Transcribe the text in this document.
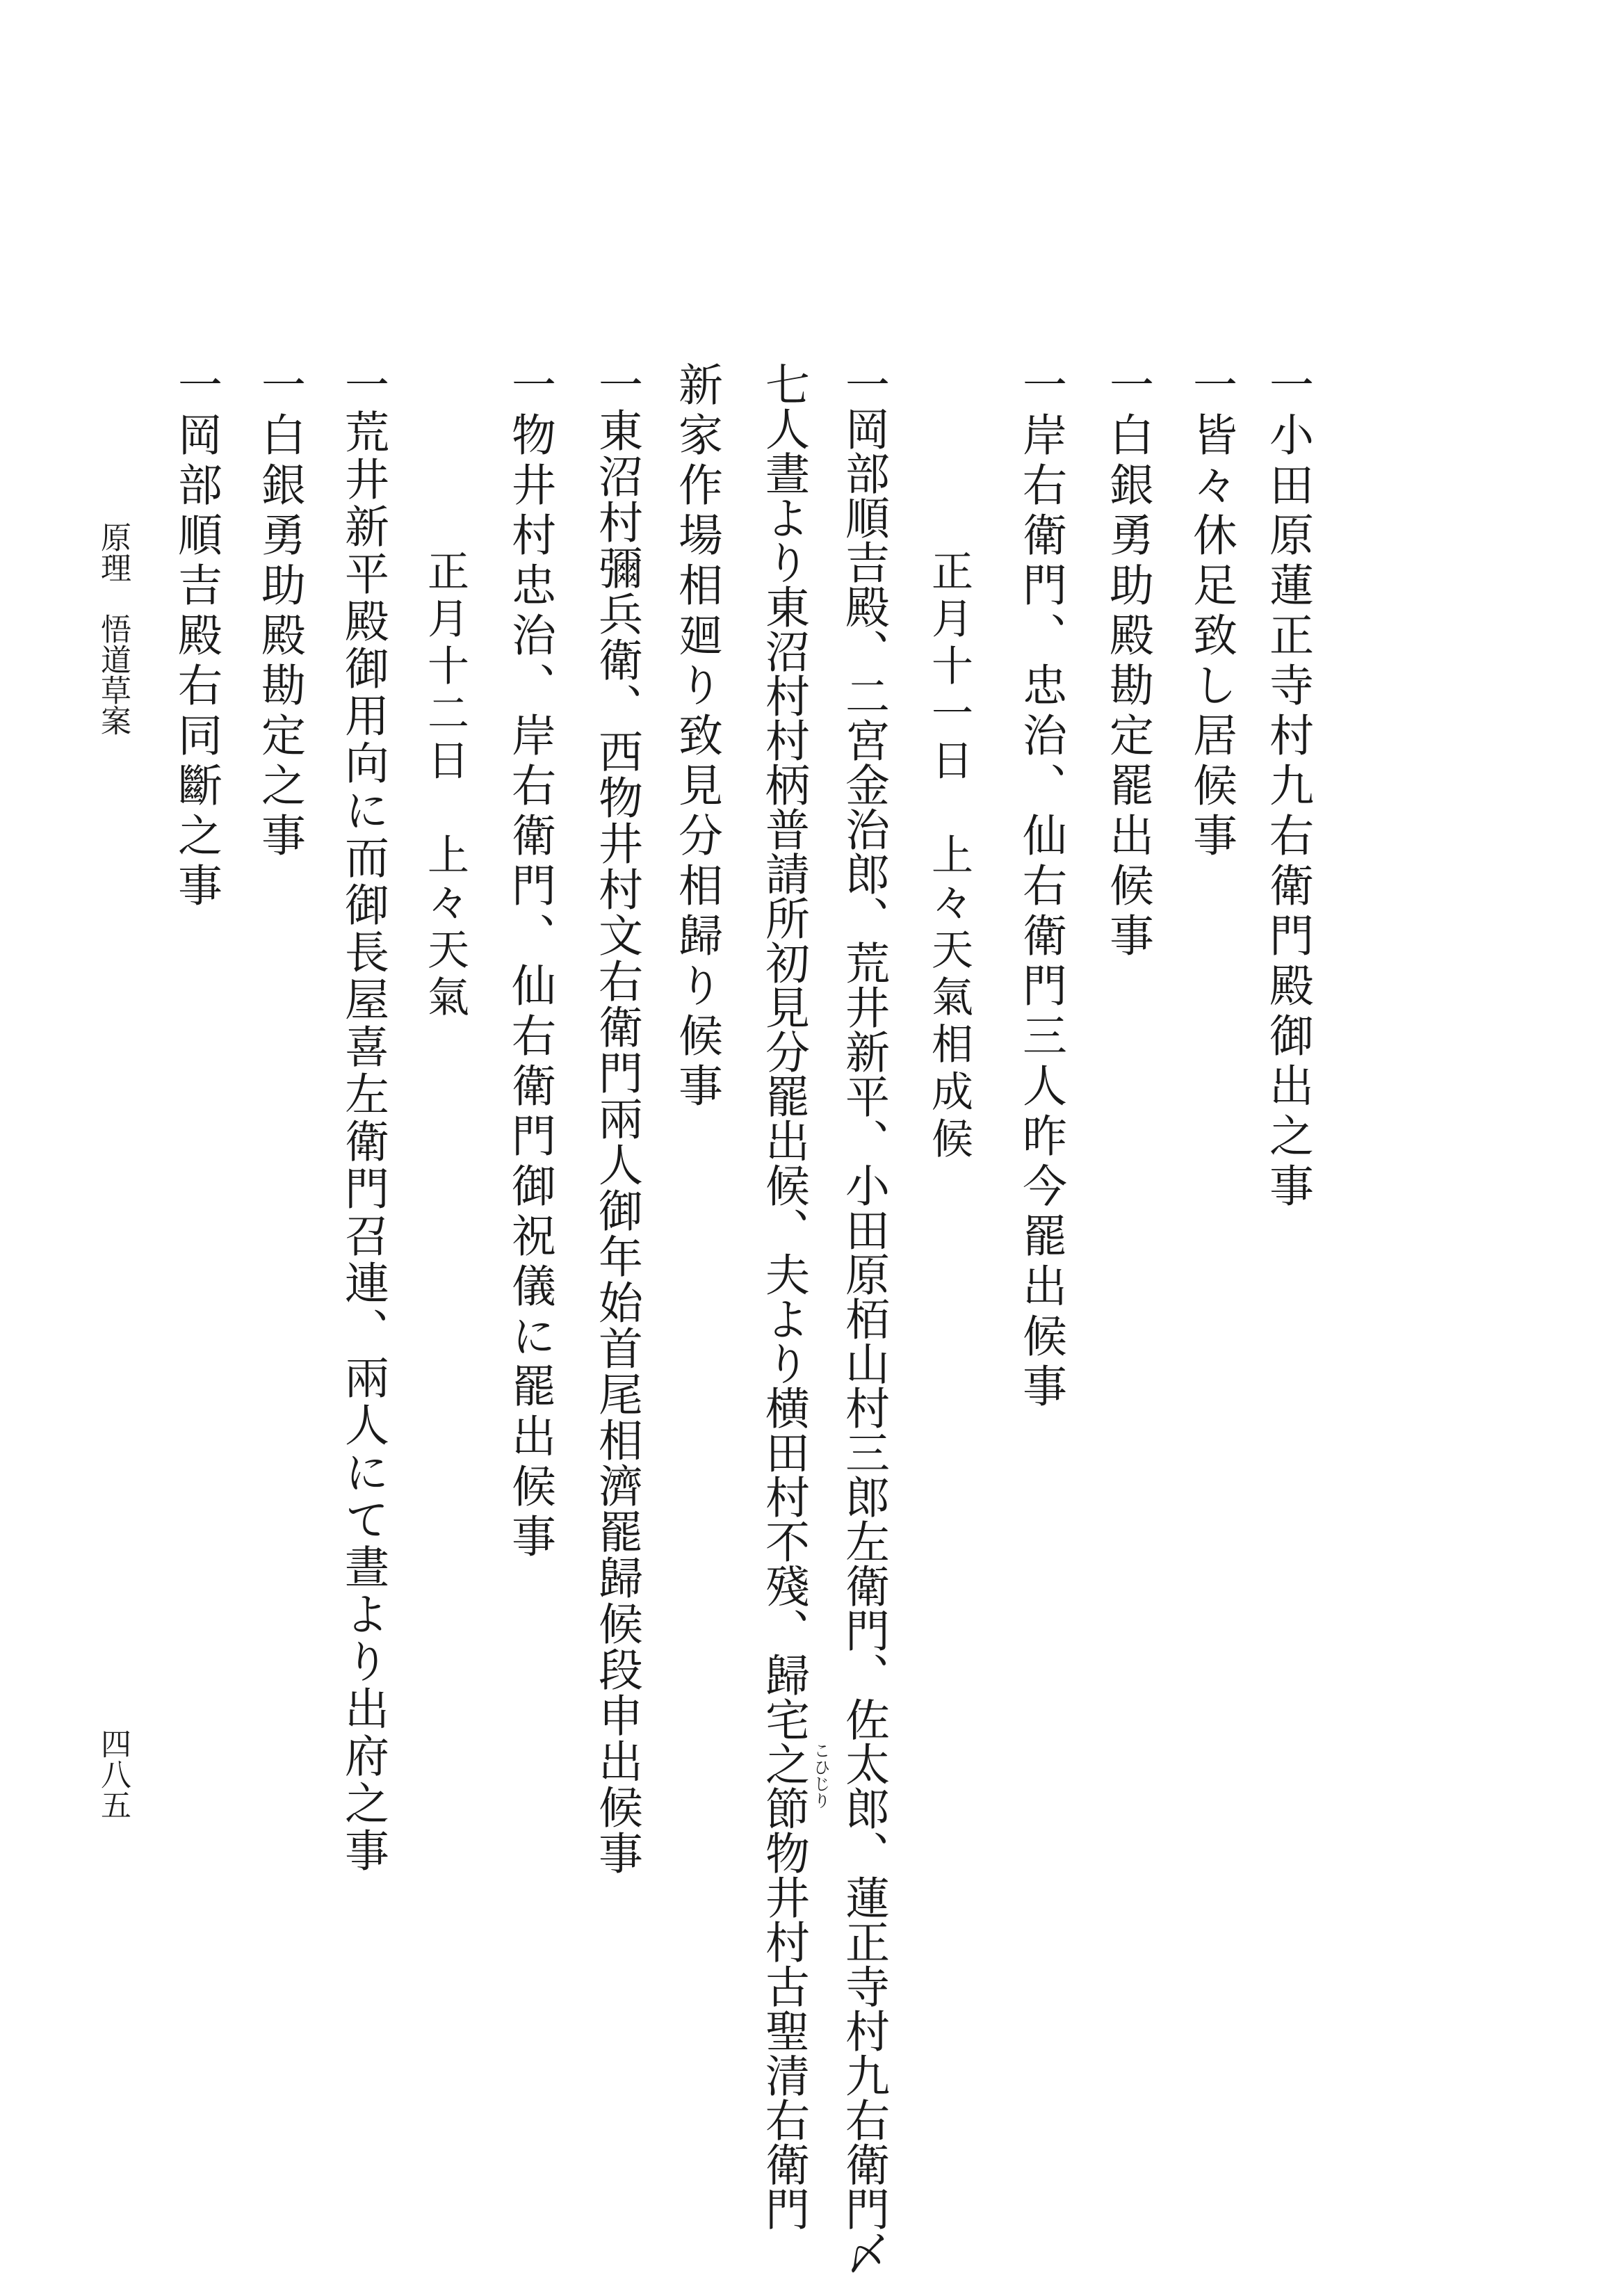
一小田原蓮正寺村九右衛門殿御出之事
一皆々休足致し居候事
一白銀勇助殿勘定罷出候事
一岸右衛門、忠治、仙右衛門三人昨今罷出候事
正月十一日　上々天氣相成候
一岡部順吉殿、二宮金治郎、荒井新平、小田原栢山村三郎左衛門、佐太郎、蓮正寺村九右衛門〆
七人晝より東沼村村柄普請所初見分罷出候、夫より横田村不殘、歸宅之節物井村古聖清右衛門 こひじり
新家作場相廻り致見分相歸り候事
一東沼村彌兵衛、西物井村文右衛門兩人御年始首尾相濟罷歸候段申出候事
一物井村忠治、岸右衛門、仙右衛門御祝儀に罷出候事
正月十二日　上々天氣
一荒井新平殿御用向に而御長屋喜左衛門召連、兩人にて晝より出府之事
一白銀勇助殿勘定之事
一岡部順吉殿右同斷之事
原理　悟道草案
四八五
